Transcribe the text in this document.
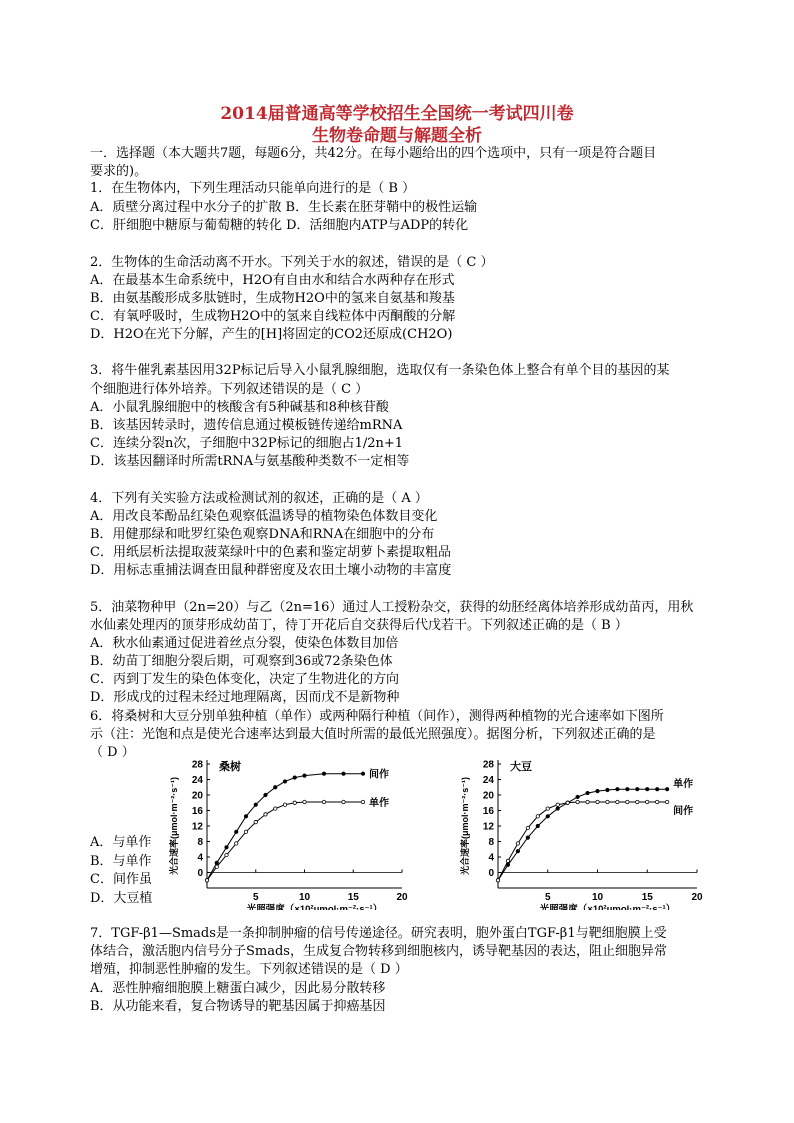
2014届普通高等学校招生全国统一考试四川卷
生物卷命题与解题全析
一．选择题（本大题共7题，每题6分，共42分。在每小题给出的四个选项中，只有一项是符合题目
要求的)。
1．在生物体内，下列生理活动只能单向进行的是（ B ）
A．质壁分离过程中水分子的扩散 B．生长素在胚芽鞘中的极性运输
C．肝细胞中糖原与葡萄糖的转化 D．活细胞内ATP与ADP的转化
2．生物体的生命活动离不开水。下列关于水的叙述，错误的是（ C ）
A．在最基本生命系统中，H2O有自由水和结合水两种存在形式
B．由氨基酸形成多肽链时，生成物H2O中的氢来自氨基和羧基
C．有氧呼吸时，生成物H2O中的氢来自线粒体中丙酮酸的分解
D．H2O在光下分解，产生的[H]将固定的CO2还原成(CH2O)
3．将牛催乳素基因用32P标记后导入小鼠乳腺细胞，选取仅有一条染色体上整合有单个目的基因的某
个细胞进行体外培养。下列叙述错误的是（ C ）
A．小鼠乳腺细胞中的核酸含有5种碱基和8种核苷酸
B．该基因转录时，遗传信息通过模板链传递给mRNA
C．连续分裂n次，子细胞中32P标记的细胞占1/2n+1
D．该基因翻译时所需tRNA与氨基酸种类数不一定相等
4．下列有关实验方法或检测试剂的叙述，正确的是（ A ）
A．用改良苯酚品红染色观察低温诱导的植物染色体数目变化
B．用健那绿和吡罗红染色观察DNA和RNA在细胞中的分布
C．用纸层析法提取菠菜绿叶中的色素和鉴定胡萝卜素提取粗品
D．用标志重捕法调查田鼠种群密度及农田土壤小动物的丰富度
5．油菜物种甲（2n=20）与乙（2n=16）通过人工授粉杂交，获得的幼胚经离体培养形成幼苗丙，用秋
水仙素处理丙的顶芽形成幼苗丁，待丁开花后自交获得后代戊若干。下列叙述正确的是（ B ）
A．秋水仙素通过促进着丝点分裂，使染色体数目加倍
B．幼苗丁细胞分裂后期，可观察到36或72条染色体
C．丙到丁发生的染色体变化，决定了生物进化的方向
D．形成戊的过程未经过地理隔离，因而戊不是新物种
6．将桑树和大豆分别单独种植（单作）或两种隔行种植（间作），测得两种植物的光合速率如下图所
示（注：光饱和点是使光合速率达到最大值时所需的最低光照强度）。据图分析，下列叙述正确的是
（ D ）
A．与单作
B．与单作
C．间作虽
D．大豆植
7．TGF-β1—Smads是一条抑制肿瘤的信号传递途径。研究表明，胞外蛋白TGF-β1与靶细胞膜上受
体结合，激活胞内信号分子Smads，生成复合物转移到细胞核内，诱导靶基因的表达，阻止细胞异常
增殖，抑制恶性肿瘤的发生。下列叙述错误的是（ D ）
A．恶性肿瘤细胞膜上糖蛋白减少，因此易分散转移
B．从功能来看，复合物诱导的靶基因属于抑癌基因
0
4
8
12
16
20
24
28
5	10	15	20
桑树
光合速率(μmol·m⁻²·s⁻¹)
光照强度（×10²μmol·m⁻²·s⁻¹）
间作
单作
0
4
8
12
16
20
24
28
5	10	15	20
大豆
光合速率(μmol·m⁻²·s⁻¹)
光照强度（×10²μmol·m⁻²·s⁻¹）
单作
间作
